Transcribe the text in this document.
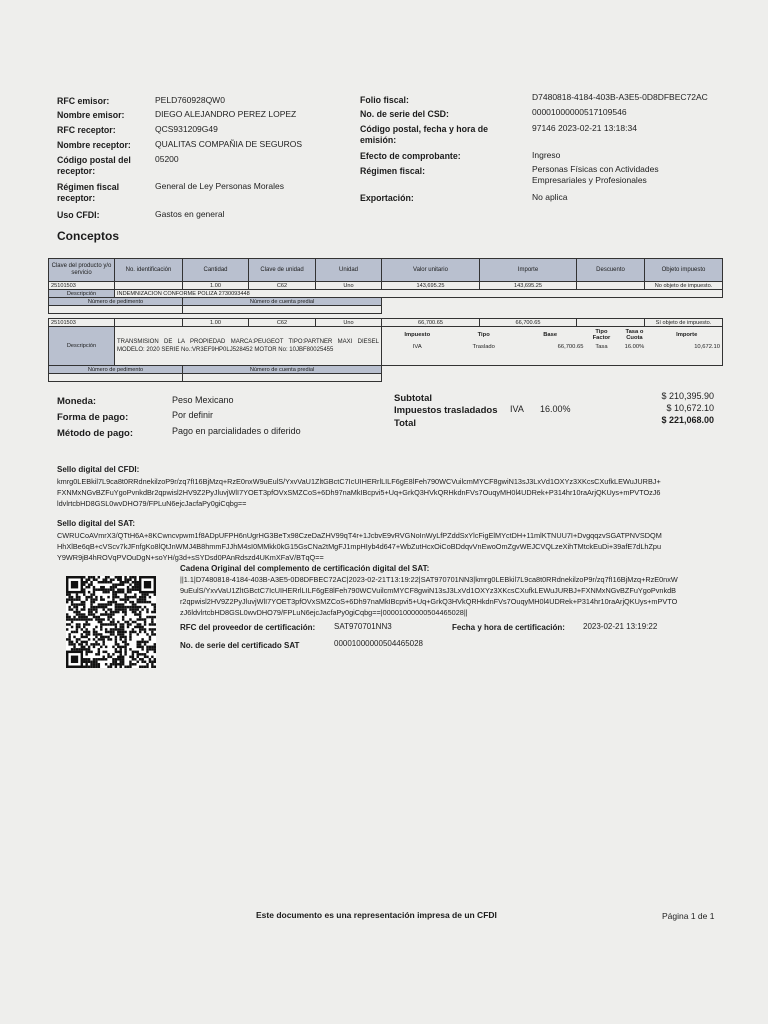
RFC emisor:	PELD760928QW0
Nombre emisor:	DIEGO ALEJANDRO PEREZ LOPEZ
RFC receptor:	QCS931209G49
Nombre receptor:	QUALITAS COMPAÑIA DE SEGUROS
Código postal del receptor:
05200
Régimen fiscal receptor:
General de Ley Personas Morales
Uso CFDI:	Gastos en general
Folio fiscal:	D7480818-4184-403B-A3E5-0D8DFBEC72AC
No. de serie del CSD:	00001000000517109546
Código postal, fecha y hora de emisión:
97146 2023-02-21 13:18:34
Efecto de comprobante:	Ingreso
Régimen fiscal:	Personas Físicas con Actividades Empresariales y Profesionales
Exportación:	No aplica
Conceptos
Clave del producto y/o servicio	No. identificación	Cantidad	Clave de unidad	Unidad	Valor unitario	Importe	Descuento	Objeto impuesto
25101503		1.00	C62	Uno	143,695.25	143,695.25		No objeto de impuesto.
Descripción	INDEMNIZACION CONFORME POLIZA 2730093448							
Número de pedimento		Número de cuenta predial						

25101503		1.00	C62	Uno	66,700.65	66,700.65		Sí objeto de impuesto.
Descripción	TRANSMISION DE LA PROPIEDAD MARCA:PEUGEOT TIPO:PARTNER MAXI DIESEL MODELO: 2020 SERIE No.:VR3EF9HP0LJ528452 MOTOR No: 10JBF80025455	
Impuesto	Tipo	Base	Tipo Factor	Tasa o Cuota	Importe
IVA	Traslado	66,700.65	Tasa	16.00%	10,672.10

Número de pedimento	Número de cuenta predial

Moneda:	Peso Mexicano
Forma de pago:	Por definir
Método de pago:	Pago en parcialidades o diferido
Subtotal	$ 210,395.90
Impuestos trasladados IVA 16.00%	$ 10,672.10
Total	$ 221,068.00
Sello digital del CFDI:
kmrg0LEBkil7L9ca8t0RRdnekilzoP9r/zq7fI16BjMzq+RzE0nxW9uEulS/YxvVaU1ZltGBctC7IcUIHERrlLILF6gE8lFeh790WCVuilcmMYCF8gwiN13sJ3LxVd1OXYz3XKcsCXufkLEWuJURBJ+
FXNMxNGvBZFuYgoPvnkdBr2qpwisl2HV9Z2PyJluvjWlI7YOET3pfOVxSMZCoS+6Dh97naMkIBcpvi5+Uq+GrkQ3HVkQRHkdnFVs7OuqyMH0l4UDRek+P314hr10raArjQKUys+mPVTOzJ6
ldvlrtcbHD8GSL0wvDHO79/FPLuN6ejcJacfaPy0giCqbg==
Sello digital del SAT:
CWRUCoAVmrX3/QTtH6A+8KCwncvpwm1f8ADpUFPH6nUgrHG3BeTx98CzeDaZHV99qT4r+1JcbvE9vRVGNoInWyLfPZddSxYlcFigElMYctDH+11mlKTNUU7I+DvgqqzvSGATPNVSDQM
HhXlBe6qB+cVScv7kJFnfgKo8lQtJnWMJ4B8hmmFJJhM4sI0MMkk0kG15GsCNa2tMgFJ1mpHIyb4d647+WbZutHcxOiCoBDdqvVnEwoOmZgvWEJCVQLzeXihTMtckEuDi+39afE7dLhZpu
Y9WR9jB4hROVqPVOuDgN+soYH/g3d+sSYDsd0PAnRdszd4UKmXFaV/BTqQ==
Cadena Original del complemento de certificación digital del SAT:
||1.1|D7480818-4184-403B-A3E5-0D8DFBEC72AC|2023-02-21T13:19:22|SAT970701NN3|kmrg0LEBkil7L9ca8t0RRdnekilzoP9r/zq7fI16BjMzq+RzE0nxW
9uEulS/YxvVaU1ZltGBctC7IcUIHERrlLILF6gE8lFeh790WCVuilcmMYCF8gwiN13sJ3LxVd1OXYz3XKcsCXufkLEWuJURBJ+FXNMxNGvBZFuYgoPvnkdB
r2qpwisl2HV9Z2PyJluvjWlI7YOET3pfOVxSMZCoS+6Dh97naMkIBcpvi5+Uq+GrkQ3HVkQRHkdnFVs7OuqyMH0l4UDRek+P314hr10raArjQKUys+mPVTO
zJ6ldvlrtcbHD8GSL0wvDHO79/FPLuN6ejcJacfaPy0giCqbg==|00001000000504465028||
RFC del proveedor de certificación: SAT970701NN3	Fecha y hora de certificación: 2023-02-21 13:19:22
No. de serie del certificado SAT	00001000000504465028
Este documento es una representación impresa de un CFDI	Página 1 de 1
